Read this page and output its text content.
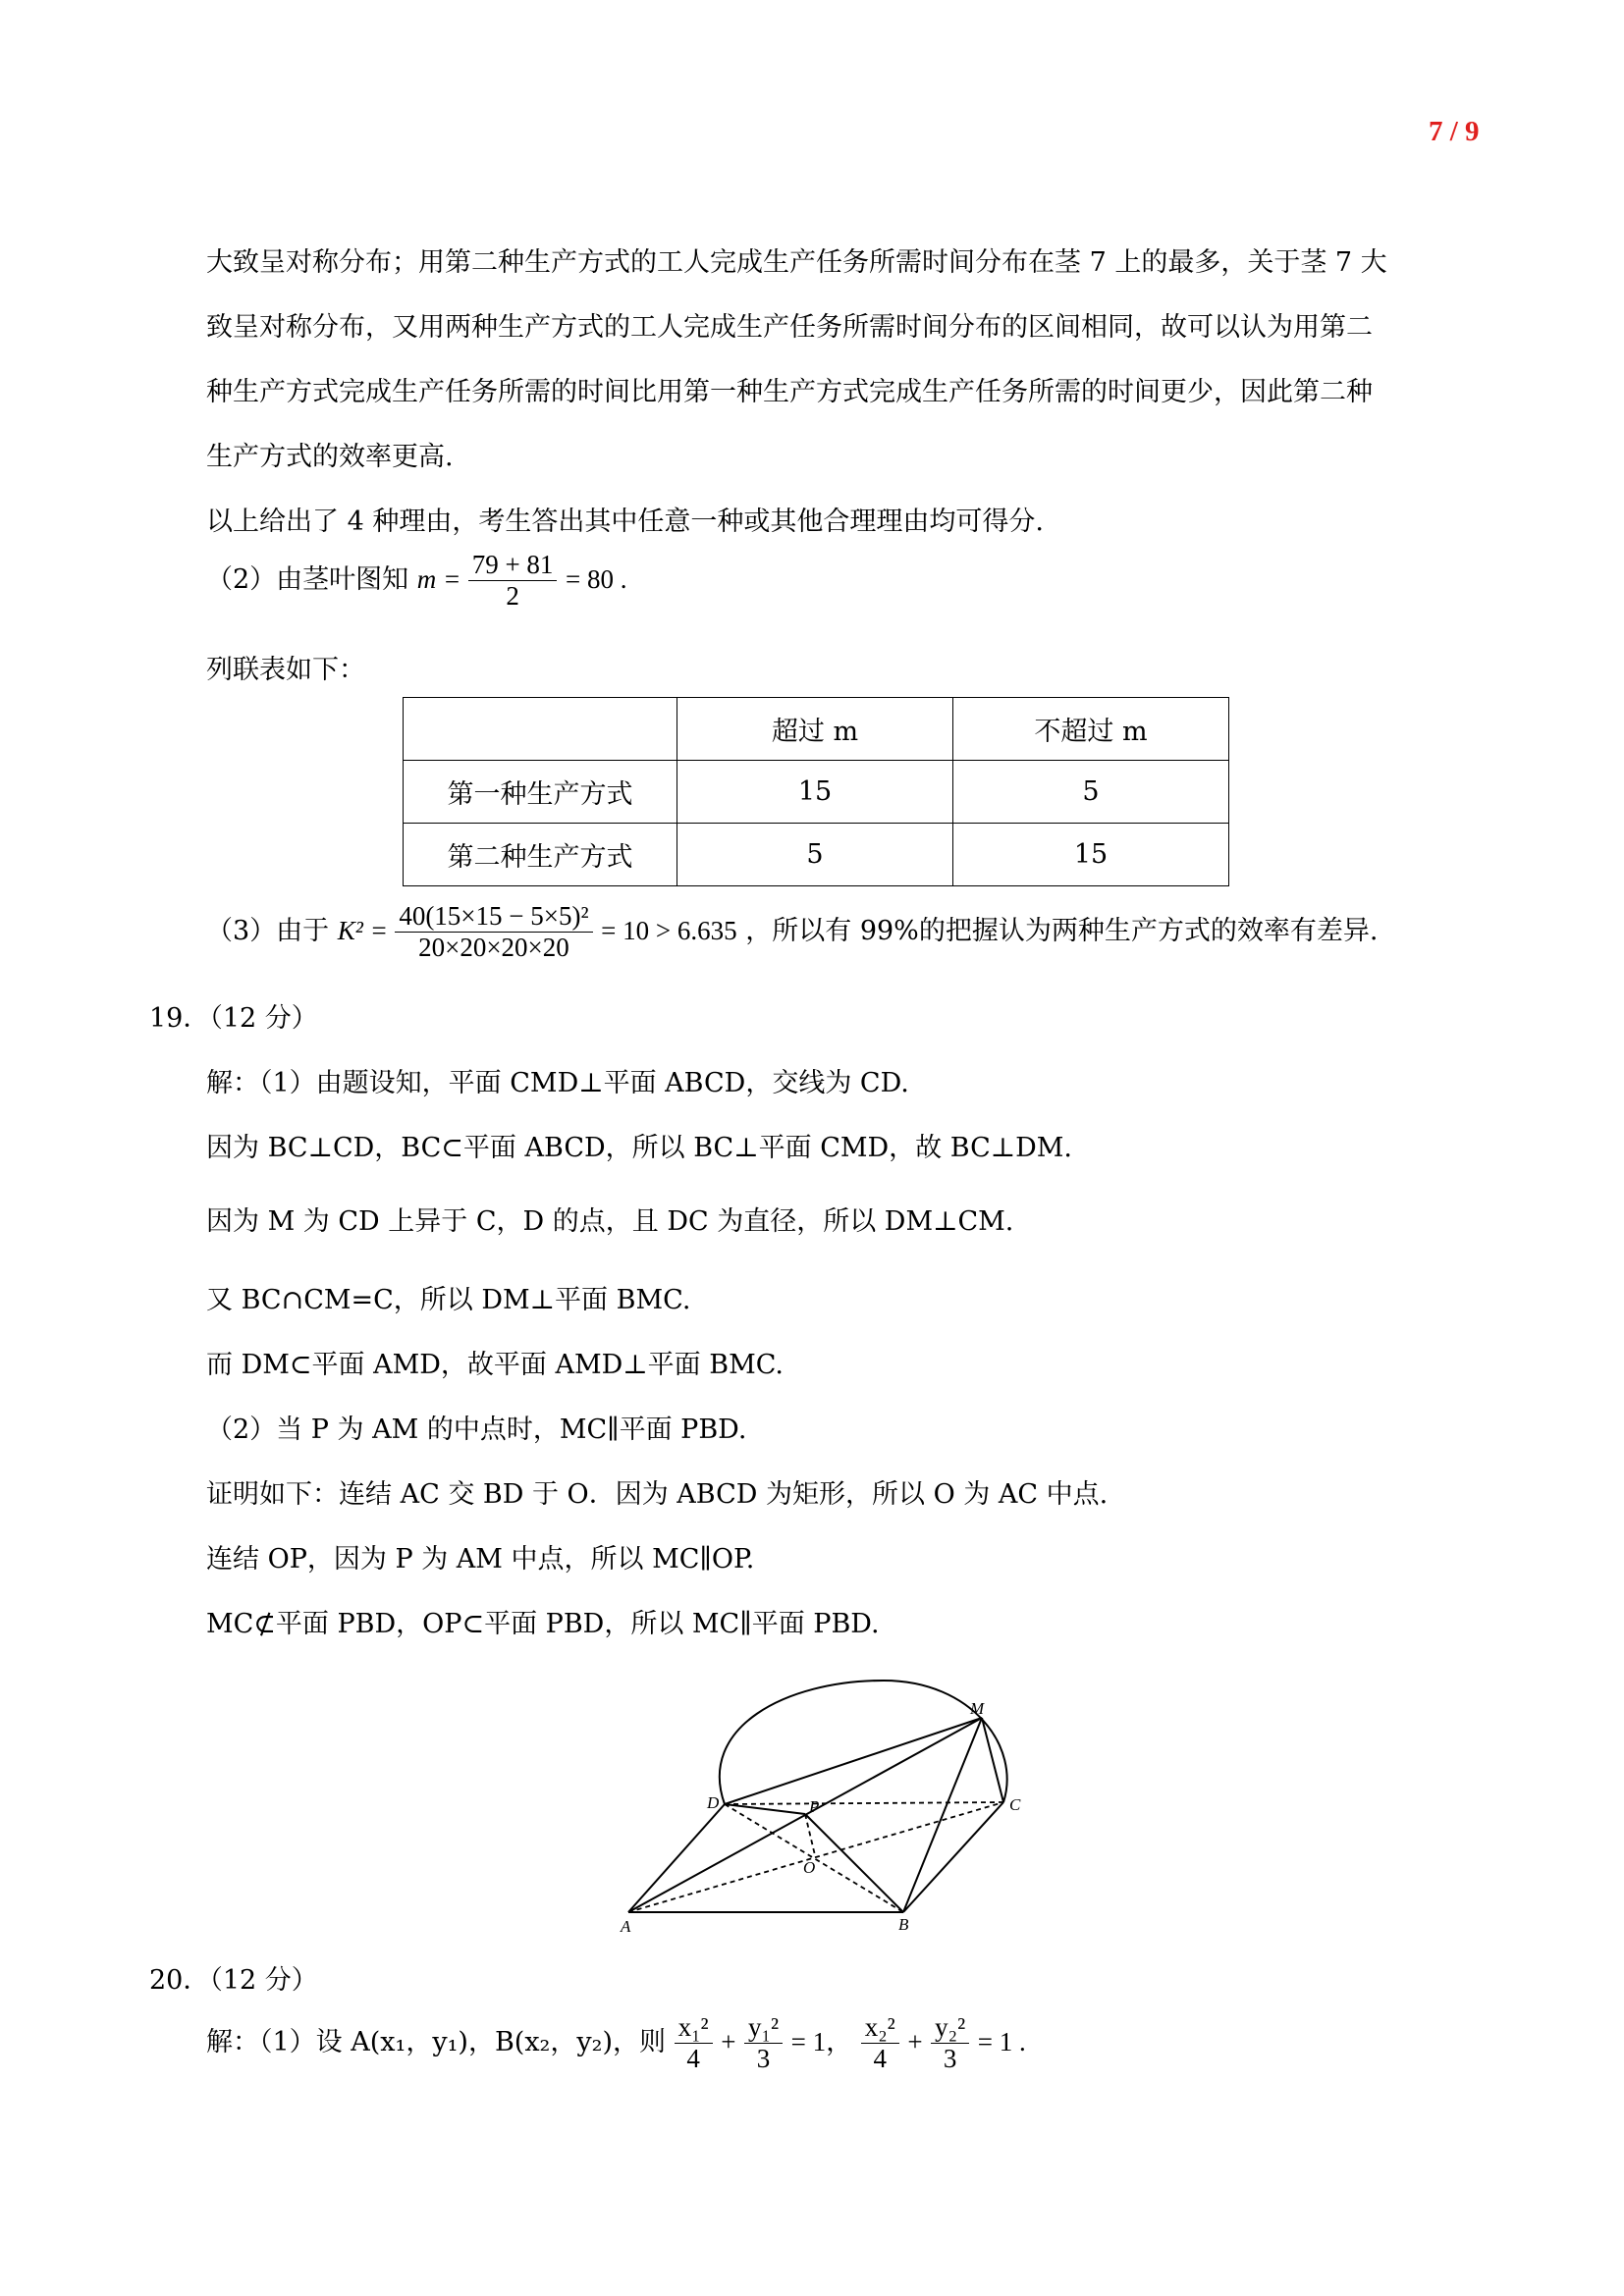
7 / 9
大致呈对称分布；用第二种生产方式的工人完成生产任务所需时间分布在茎 7 上的最多，关于茎 7 大
致呈对称分布，又用两种生产方式的工人完成生产任务所需时间分布的区间相同，故可以认为用第二
种生产方式完成生产任务所需的时间比用第一种生产方式完成生产任务所需的时间更少，因此第二种
生产方式的效率更高.
以上给出了 4 种理由，考生答出其中任意一种或其他合理理由均可得分.
（2）由茎叶图知 $m = \frac{79 + 81}{2} = 80$ .
列联表如下：
	超过 m	不超过 m
第一种生产方式	15	5
第二种生产方式	5	15
（3）由于 $K^2 = \frac{\text{40(15×15 − 5×5)²}}{20\times 20\times 20\times 20} = 10 > 6.635$ ，所以有 99%的把握认为两种生产方式的效率有差异.
19．（12 分）
解：（1）由题设知，平面 CMD⊥平面 ABCD，交线为 CD.
因为 BC⊥CD，BC⊂平面 ABCD，所以 BC⊥平面 CMD，故 BC⊥DM.
因为 M 为 CD 上异于 C，D 的点，且 DC 为直径，所以 DM⊥CM.
又 BC∩CM=C，所以 DM⊥平面 BMC.
而 DM⊂平面 AMD，故平面 AMD⊥平面 BMC.
（2）当 P 为 AM 的中点时，MC∥平面 PBD.
证明如下：连结 AC 交 BD 于 O．因为 ABCD 为矩形，所以 O 为 AC 中点.
连结 OP，因为 P 为 AM 中点，所以 MC∥OP.
MC⊄平面 PBD，OP⊂平面 PBD，所以 MC∥平面 PBD.
M
D	C
P
O
A	B
20．（12 分）
解：（1）设 A(x₁，y₁)，B(x₂，y₂)，则 $\frac{\text{x₁²}}{4} + \frac{\text{y₁²}}{3} = 1$， $\frac{\text{x₂²}}{4} + \frac{\text{y₂²}}{3} = 1$ .
